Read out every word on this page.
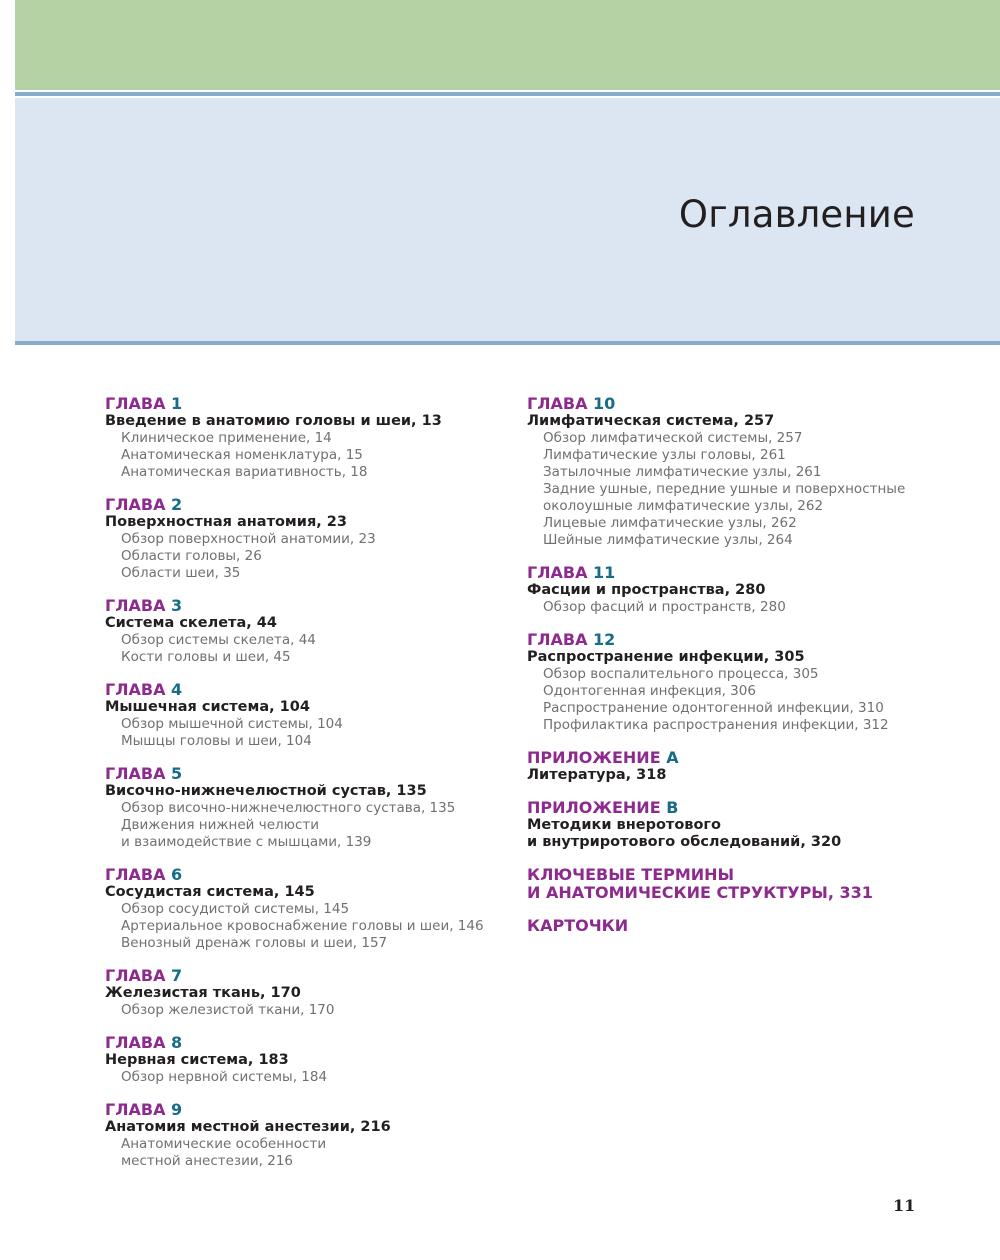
Оглавление
ГЛАВА 1
Введение в анатомию головы и шеи, 13
Клиническое применение, 14
Анатомическая номенклатура, 15
Анатомическая вариативность, 18
ГЛАВА 2
Поверхностная анатомия, 23
Обзор поверхностной анатомии, 23
Области головы, 26
Области шеи, 35
ГЛАВА 3
Система скелета, 44
Обзор системы скелета, 44
Кости головы и шеи, 45
ГЛАВА 4
Мышечная система, 104
Обзор мышечной системы, 104
Мышцы головы и шеи, 104
ГЛАВА 5
Височно-нижнечелюстной сустав, 135
Обзор височно-нижнечелюстного сустава, 135
Движения нижней челюсти
и взаимодействие с мышцами, 139
ГЛАВА 6
Сосудистая система, 145
Обзор сосудистой системы, 145
Артериальное кровоснабжение головы и шеи, 146
Венозный дренаж головы и шеи, 157
ГЛАВА 7
Железистая ткань, 170
Обзор железистой ткани, 170
ГЛАВА 8
Нервная система, 183
Обзор нервной системы, 184
ГЛАВА 9
Анатомия местной анестезии, 216
Анатомические особенности
местной анестезии, 216
ГЛАВА 10
Лимфатическая система, 257
Обзор лимфатической системы, 257
Лимфатические узлы головы, 261
Затылочные лимфатические узлы, 261
Задние ушные, передние ушные и поверхностные
околоушные лимфатические узлы, 262
Лицевые лимфатические узлы, 262
Шейные лимфатические узлы, 264
ГЛАВА 11
Фасции и пространства, 280
Обзор фасций и пространств, 280
ГЛАВА 12
Распространение инфекции, 305
Обзор воспалительного процесса, 305
Одонтогенная инфекция, 306
Распространение одонтогенной инфекции, 310
Профилактика распространения инфекции, 312
ПРИЛОЖЕНИЕ А
Литература, 318
ПРИЛОЖЕНИЕ В
Методики внеротового
и внутриротового обследований, 320
КЛЮЧЕВЫЕ ТЕРМИНЫ
И АНАТОМИЧЕСКИЕ СТРУКТУРЫ, 331
КАРТОЧКИ
11
